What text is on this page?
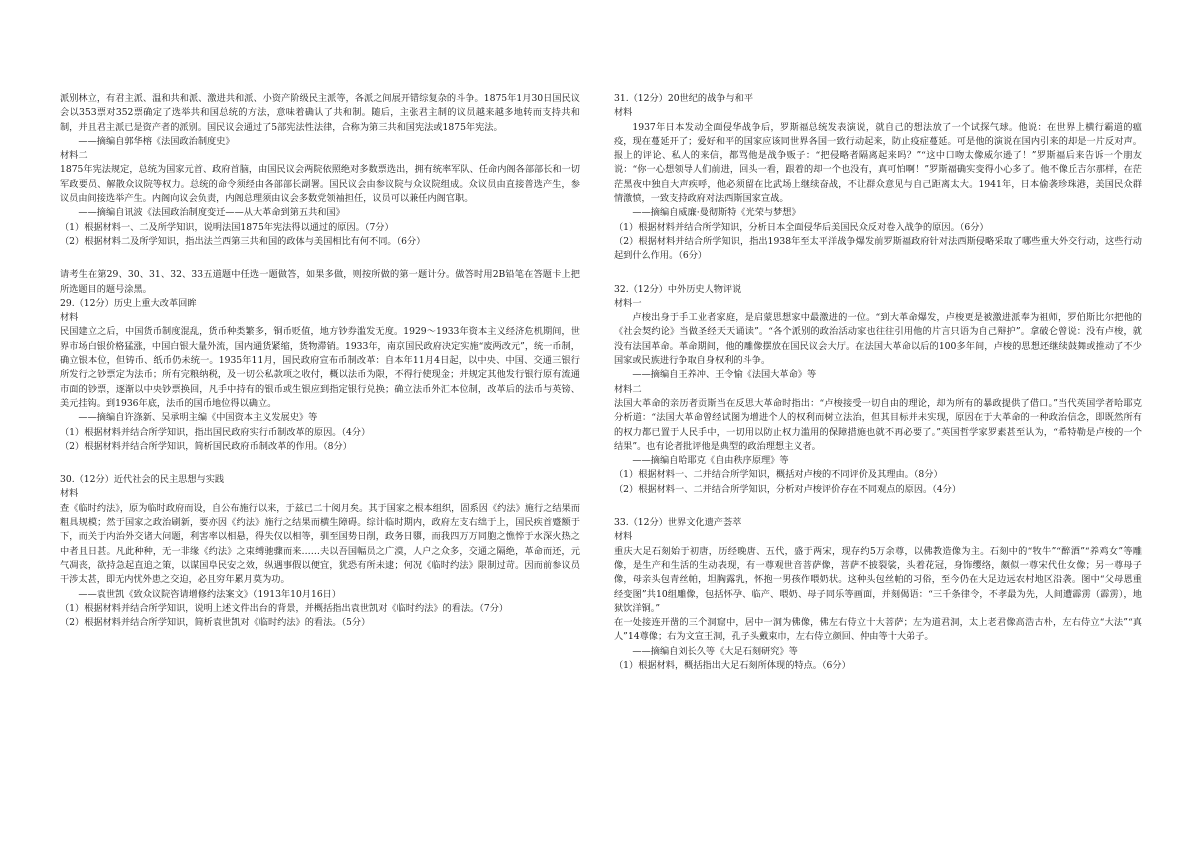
派别林立，有君主派、温和共和派、激进共和派、小资产阶级民主派等，各派之间展开错综复杂的斗争。1875年1月30日国民议会以353票对352票确定了选举共和国总统的方法，意味着确认了共和制。随后，主张君主制的议员越来越多地转而支持共和制，并且君主派已是资产者的派别。国民议会通过了5部宪法性法律，合称为第三共和国宪法或1875年宪法。

——摘编自郭华榕《法国政治制度史》

材料二

1875年宪法规定，总统为国家元首、政府首脑，由国民议会两院依照绝对多数票选出，拥有统率军队、任命内阁各部部长和一切军政要员、解散众议院等权力。总统的命令须经由各部部长副署。国民议会由参议院与众议院组成。众议员由直接普选产生，参议员由间接选举产生。内阁向议会负责，内阁总理须由议会多数党领袖担任，议员可以兼任内阁官职。

——摘编自讯波《法国政治制度变迁——从大革命到第五共和国》

（1）根据材料一、二及所学知识，说明法国1875年宪法得以通过的原因。（7分）

（2）根据材料二及所学知识，指出法兰西第三共和国的政体与美国相比有何不同。（6分）

请考生在第29、30、31、32、33五道题中任选一题做答，如果多做，则按所做的第一题计分。做答时用2B铅笔在答题卡上把所选题目的题号涂黑。

29.（12分）历史上重大改革回眸

材料

民国建立之后，中国货币制度混乱，货币种类繁多，铜币贬值，地方钞券滥发无度。1929～1933年资本主义经济危机期间，世界市场白银价格猛涨，中国白银大量外流，国内通货紧缩，货物滞销。1933年，南京国民政府决定实施“废两改元”，统一币制，确立银本位，但铸币、纸币仍未统一。1935年11月，国民政府宣布币制改革：自本年11月4日起，以中央、中国、交通三银行所发行之钞票定为法币；所有完粮纳税，及一切公私款项之收付，概以法币为限，不得行使现金；并规定其他发行银行原有流通市面的钞票，逐渐以中央钞票换回，凡手中持有的银币或生银应到指定银行兑换；确立法币外汇本位制，改革后的法币与英镑、美元挂钩。到1936年底，法币的国币地位得以确立。

——摘编自许涤新、吴承明主编《中国资本主义发展史》等

（1）根据材料并结合所学知识，指出国民政府实行币制改革的原因。（4分）

（2）根据材料并结合所学知识，简析国民政府币制改革的作用。（8分）

30.（12分）近代社会的民主思想与实践

材料

查《临时约法》，原为临时政府而设，自公布施行以来，于兹已二十阅月矣。其于国家之根本组织，固系因《约法》施行之结果而粗具规模；然于国家之政治刷新，要亦因《约法》施行之结果而横生障碍。综计临时期内，政府左支右绌于上，国民疾首蹙额于下，而关于内治外交诸大问题，利害率以相悬，得失仅以相等，驯至国势日削，政务日隳，而我四万万同胞之憔悴于水深火热之中者且日甚。凡此种种，无一非缘《约法》之束缚驰骤而来……夫以吾国幅员之广漠，人户之众多，交通之隔绝，革命而还，元气凋丧，欲持急起直追之策，以谋国阜民安之效，纵遇事假以便宜，犹恐有所未逮；何况《临时约法》限制过苛。因而前参议员干涉太甚，即无内忧外患之交迫，必且穷年累月莫为功。

——袁世凯《致众议院咨请增修约法案文》（1913年10月16日）

（1）根据材料并结合所学知识，说明上述文件出台的背景，并概括指出袁世凯对《临时约法》的看法。（7分）

（2）根据材料并结合所学知识，简析袁世凯对《临时约法》的看法。（5分）

31.（12分）20世纪的战争与和平

材料

1937年日本发动全面侵华战争后，罗斯福总统发表演说，就自己的想法放了一个试探气球。他说：在世界上横行霸道的瘟疫，现在蔓延开了；爱好和平的国家应该同世界各国一致行动起来，防止疫症蔓延。可是他的演说在国内引来的却是一片反对声。报上的评论、私人的来信，都骂他是战争贩子：“把侵略者隔离起来吗？”“这中口吻太像威尔逊了！”罗斯福后来告诉一个朋友说：“你一心想领导人们前进，回头一看，跟着的却一个也没有，真可怕啊！”罗斯福确实变得小心多了。他不像丘吉尔那样，在茫茫黑夜中独自大声疾呼，他必须留在比武场上继续奋战，不让群众意见与自己距离太大。1941年，日本偷袭珍珠港，美国民众群情激愤，一致支持政府对法西斯国家宣战。

——摘编自威廉·曼彻斯特《光荣与梦想》

（1）根据材料并结合所学知识，分析日本全面侵华后美国民众反对卷入战争的原因。（6分）

（2）根据材料并结合所学知识，指出1938年至太平洋战争爆发前罗斯福政府针对法西斯侵略采取了哪些重大外交行动，这些行动起到什么作用。（6分）

32.（12分）中外历史人物评说

材料一

卢梭出身于手工业者家庭，是启蒙思想家中最激进的一位。“到大革命爆发，卢梭更是被激进派奉为祖师，罗伯斯比尔把他的《社会契约论》当做圣经天天诵读”。“各个派别的政治活动家也往往引用他的片言只语为自己辩护”。拿破仑曾说：没有卢梭，就没有法国革命。革命期间，他的雕像摆放在国民议会大厅。在法国大革命以后的100多年间，卢梭的思想还继续鼓舞或推动了不少国家或民族进行争取自身权利的斗争。

——摘编自王养冲、王令愉《法国大革命》等

材料二

法国大革命的亲历者贡斯当在反思大革命时指出：“卢梭接受一切自由的理论，却为所有的暴政提供了借口。”当代英国学者哈耶克分析道：“法国大革命曾经试图为增进个人的权利而树立法治，但其目标并未实现，原因在于大革命的一种政治信念，即既然所有的权力都已置于人民手中，一切用以防止权力滥用的保障措施也就不再必要了。”英国哲学家罗素甚至认为，“希特勒是卢梭的一个结果”。也有论者批评他是典型的政治理想主义者。

——摘编自哈耶克《自由秩序原理》等

（1）根据材料一、二并结合所学知识，概括对卢梭的不同评价及其理由。（8分）

（2）根据材料一、二并结合所学知识，分析对卢梭评价存在不同观点的原因。（4分）

33.（12分）世界文化遗产荟萃

材料

重庆大足石刻始于初唐，历经晚唐、五代，盛于两宋，现存约5万余尊，以佛教造像为主。石刻中的“牧牛”“醉酒”“养鸡女”等雕像，是生产和生活的生动表现，有一尊观世音菩萨像，菩萨不披裂裟，头着花冠，身饰缨络，颇似一尊宋代仕女像；另一尊母子像，母亲头包青丝帕，坦胸露乳，怀抱一男孩作喂奶状。这种头包丝帕的习俗，至今仍在大足边远农村地区沿袭。图中“父母恩重经变图”共10组雕像，包括怀孕、临产、喂奶、母子同乐等画面，并刻偈语：“三千条律令，不孝最为先，人间遭霹雳（霹雳），地狱饮洋铜。”

在一处接连开凿的三个洞窟中，居中一洞为佛像，佛左右侍立十大菩萨；左为道君洞，太上老君像高浩古朴，左右侍立“大法”“真人”14尊像；右为文宣王洞，孔子头戴束巾，左右侍立颜回、仲由等十大弟子。

——摘编自刘长久等《大足石刻研究》等

（1）根据材料，概括指出大足石刻所体现的特点。（6分）
